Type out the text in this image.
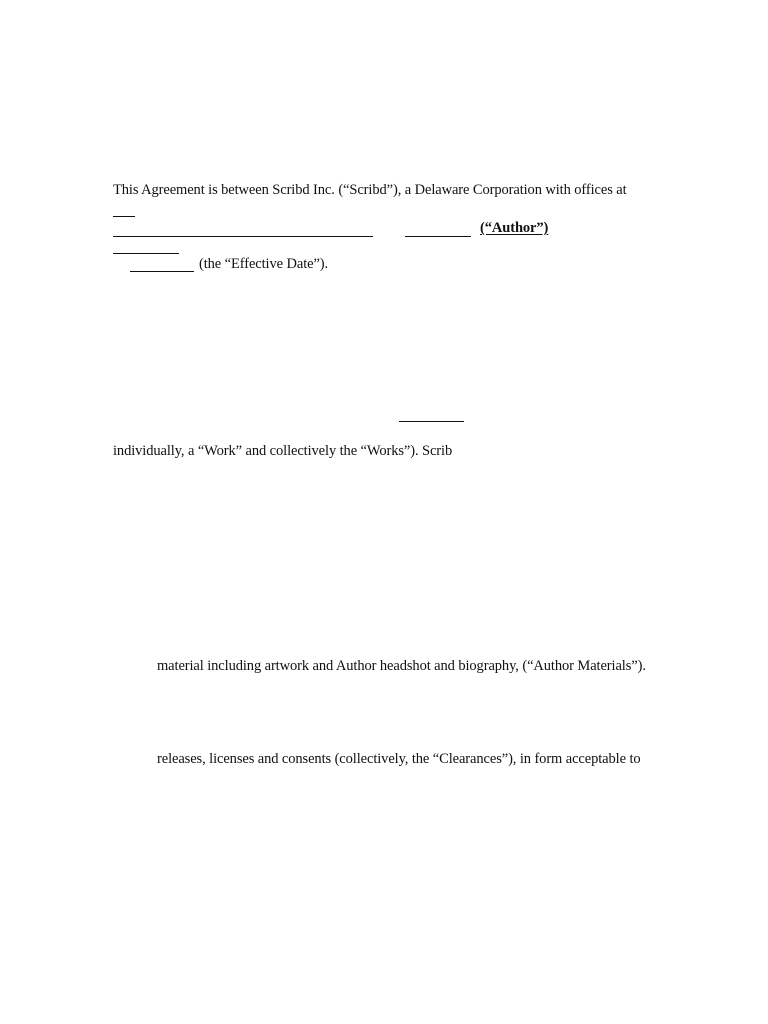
This Agreement is between Scribd Inc. (“Scribd”), a Delaware Corporation with offices at
(“Author”)
(the “Effective Date”).
individually, a “Work” and collectively the “Works”). Scrib
material including artwork and Author headshot and biography, (“Author Materials”).
releases, licenses and consents (collectively, the “Clearances”), in form acceptable to
